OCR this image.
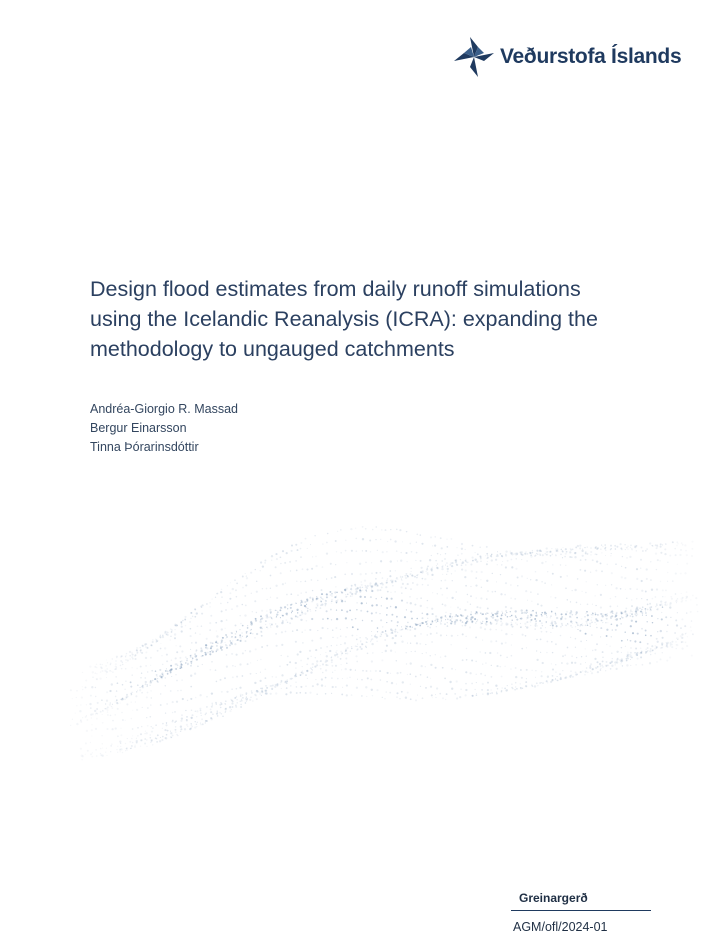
Veðurstofa Íslands
Design flood estimates from daily runoff simulations
using the Icelandic Reanalysis (ICRA): expanding the
methodology to ungauged catchments
Andréa-Giorgio R. Massad
Bergur Einarsson
Tinna Þórarinsdóttir
Greinargerð
AGM/ofl/2024-01
